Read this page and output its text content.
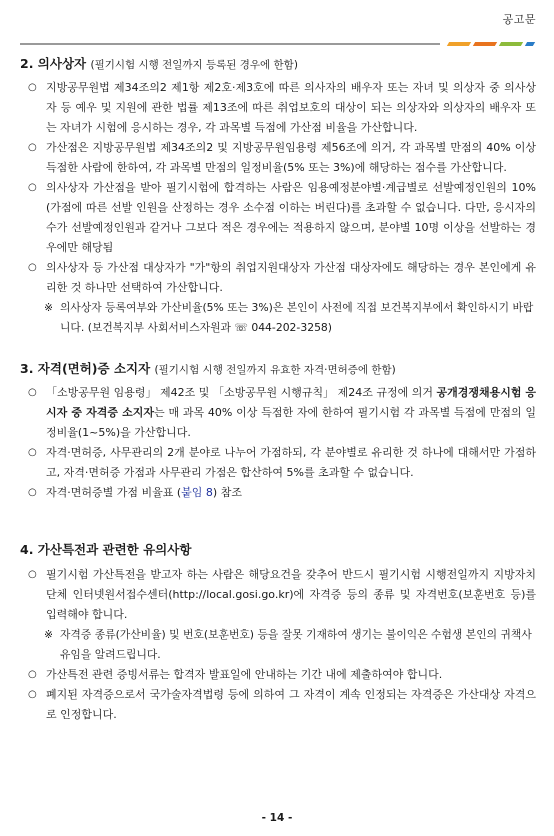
공고문

2. 의사상자 (필기시험 시행 전일까지 등록된 경우에 한함)

○ 지방공무원법 제34조의2 제1항 제2호·제3호에 따른 의사자의 배우자 또는 자녀 및 의상자 중 의사상자 등 예우 및 지원에 관한 법률 제13조에 따른 취업보호의 대상이 되는 의상자와 의상자의 배우자 또는 자녀가 시험에 응시하는 경우, 각 과목별 득점에 가산점 비율을 가산합니다.
○ 가산점은 지방공무원법 제34조의2 및 지방공무원임용령 제56조에 의거, 각 과목별 만점의 40% 이상 득점한 사람에 한하여, 각 과목별 만점의 일정비율(5% 또는 3%)에 해당하는 점수를 가산합니다.
○ 의사상자 가산점을 받아 필기시험에 합격하는 사람은 임용예정분야별·계급별로 선발예정인원의 10%(가점에 따른 선발 인원을 산정하는 경우 소수점 이하는 버린다)를 초과할 수 없습니다. 다만, 응시자의 수가 선발예정인원과 같거나 그보다 적은 경우에는 적용하지 않으며, 분야별 10명 이상을 선발하는 경우에만 해당됨
○ 의사상자 등 가산점 대상자가 "가"항의 취업지원대상자 가산점 대상자에도 해당하는 경우 본인에게 유리한 것 하나만 선택하여 가산합니다.
※ 의사상자 등록여부와 가산비율(5% 또는 3%)은 본인이 사전에 직접 보건복지부에서 확인하시기 바랍니다. (보건복지부 사회서비스자원과 ☏ 044-202-3258)

3. 자격(면허)증 소지자 (필기시험 시행 전일까지 유효한 자격·면허증에 한함)

○ 「소방공무원 임용령」 제42조 및 「소방공무원 시행규칙」 제24조 규정에 의거 공개경쟁채용시험 응시자 중 자격증 소지자는 매 과목 40% 이상 득점한 자에 한하여 필기시험 각 과목별 득점에 만점의 일정비율(1~5%)을 가산합니다.
○ 자격·면허증, 사무관리의 2개 분야로 나누어 가점하되, 각 분야별로 유리한 것 하나에 대해서만 가점하고, 자격·면허증 가점과 사무관리 가점은 합산하여 5%를 초과할 수 없습니다.
○ 자격·면허증별 가점 비율표 (붙임 8) 참조

4. 가산특전과 관련한 유의사항

○ 필기시험 가산특전을 받고자 하는 사람은 해당요건을 갖추어 반드시 필기시험 시행전일까지 지방자치단체 인터넷원서접수센터(http://local.gosi.go.kr)에 자격증 등의 종류 및 자격번호(보훈번호 등)를 입력해야 합니다.
※ 자격증 종류(가산비율) 및 번호(보훈번호) 등을 잘못 기재하여 생기는 불이익은 수험생 본인의 귀책사유임을 알려드립니다.
○ 가산특전 관련 증빙서류는 합격자 발표일에 안내하는 기간 내에 제출하여야 합니다.
○ 폐지된 자격증으로서 국가술자격법령 등에 의하여 그 자격이 계속 인정되는 자격증은 가산대상 자격으로 인정합니다.
- 14 -
